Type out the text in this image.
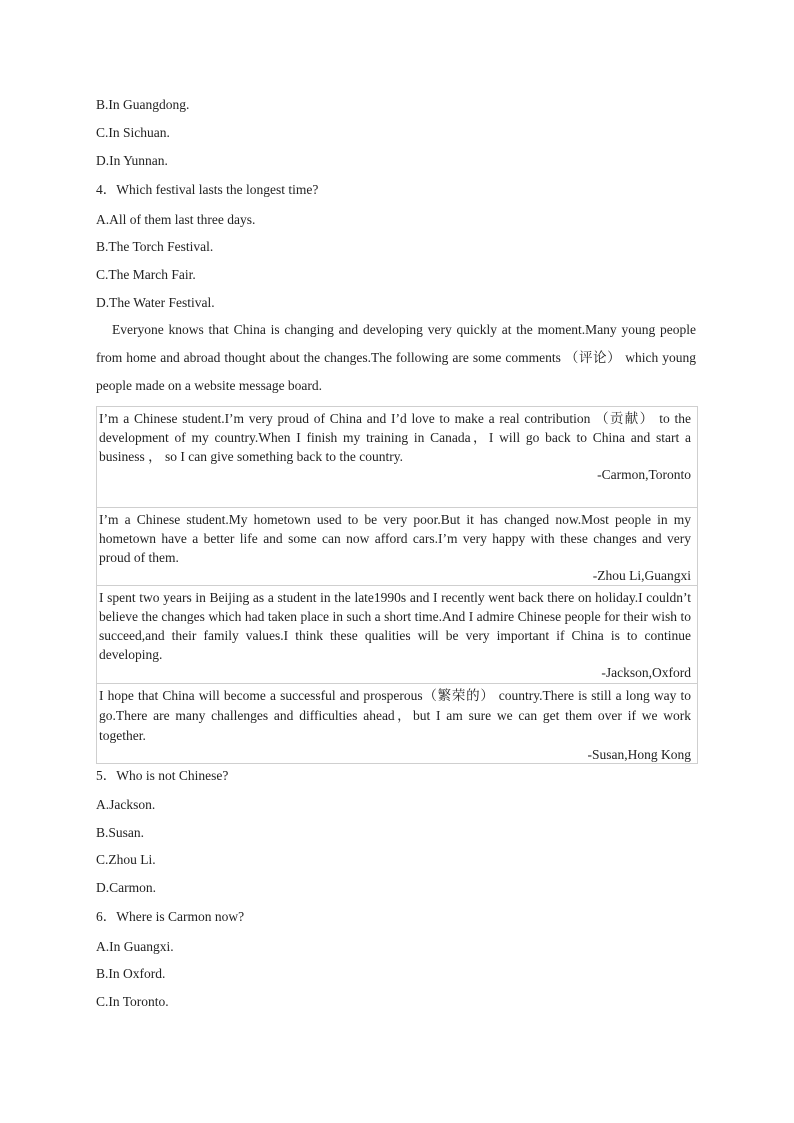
B.In Guangdong.
C.In Sichuan.
D.In Yunnan.
4．Which festival lasts the longest time?
A.All of them last three days.
B.The Torch Festival.
C.The March Fair.
D.The Water Festival.
Everyone knows that China is changing and developing very quickly at the moment.Many young people from home and abroad thought about the changes.The following are some comments （评论） which young people made on a website message board.
I’m a Chinese student.I’m very proud of China and I’d love to make a real contribution （贡献） to the development of my country.When I finish my training in Canada，I will go back to China and start a business ， so I can give something back to the country.
-Carmon,Toronto
I’m a Chinese student.My hometown used to be very poor.But it has changed now.Most people in my hometown have a better life and some can now afford cars.I’m very happy with these changes and very proud of them.
-Zhou Li,Guangxi
I spent two years in Beijing as a student in the late1990s and I recently went back there on holiday.I couldn’t believe the changes which had taken place in such a short time.And I admire Chinese people for their wish to succeed,and their family values.I think these qualities will be very important if China is to continue developing.
-Jackson,Oxford
I hope that China will become a successful and prosperous（繁荣的） country.There is still a long way to go.There are many challenges and difficulties ahead，but I am sure we can get them over if we work together.
-Susan,Hong Kong
5．Who is not Chinese?
A.Jackson.
B.Susan.
C.Zhou Li.
D.Carmon.
6．Where is Carmon now?
A.In Guangxi.
B.In Oxford.
C.In Toronto.
